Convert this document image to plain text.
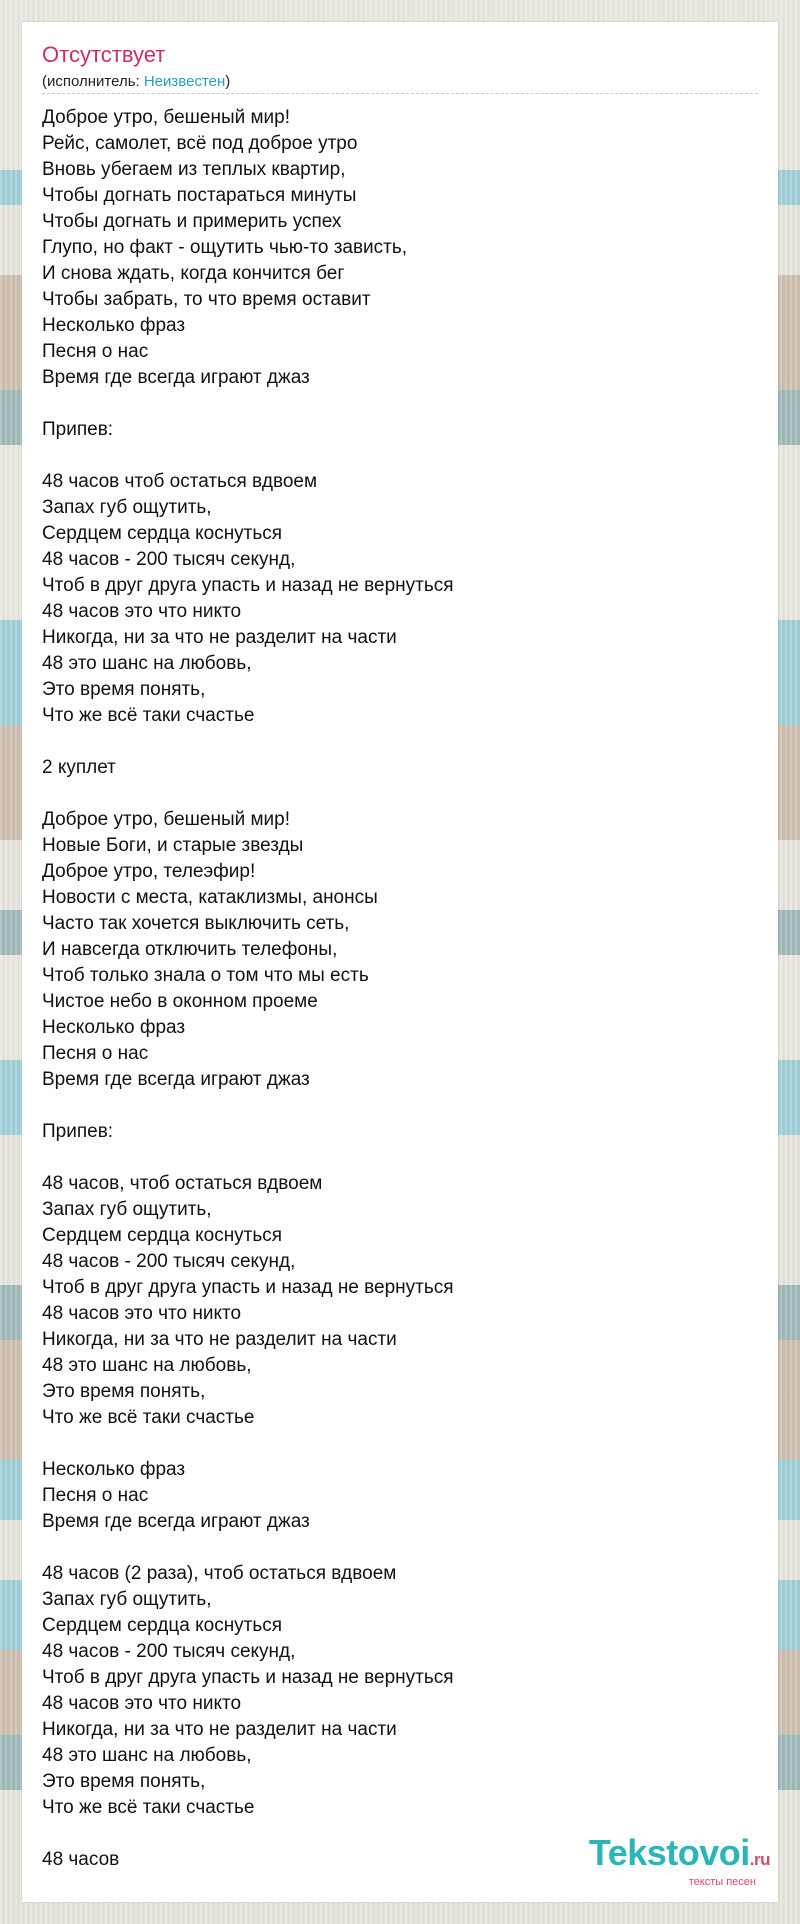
Отсутствует
(исполнитель: Неизвестен)
Доброе утро, бешеный мир!
Рейс, самолет, всё под доброе утро
Вновь убегаем из теплых квартир,
Чтобы догнать постараться минуты
Чтобы догнать и примерить успех
Глупо, но факт - ощутить чью-то зависть,
И снова ждать, когда кончится бег
Чтобы забрать, то что время оставит
Несколько фраз
Песня о нас
Время где всегда играют джаз
Припев:
48 часов чтоб остаться вдвоем
Запах губ ощутить,
Сердцем сердца коснуться
48 часов - 200 тысяч секунд,
Чтоб в друг друга упасть и назад не вернуться
48 часов это что никто
Никогда, ни за что не разделит на части
48 это шанс на любовь,
Это время понять,
Что же всё таки счастье
2 куплет
Доброе утро, бешеный мир!
Новые Боги, и старые звезды
Доброе утро, телеэфир!
Новости с места, катаклизмы, анонсы
Часто так хочется выключить сеть,
И навсегда отключить телефоны,
Чтоб только знала о том что мы есть
Чистое небо в оконном проеме
Несколько фраз
Песня о нас
Время где всегда играют джаз
Припев:
48 часов, чтоб остаться вдвоем
Запах губ ощутить,
Сердцем сердца коснуться
48 часов - 200 тысяч секунд,
Чтоб в друг друга упасть и назад не вернуться
48 часов это что никто
Никогда, ни за что не разделит на части
48 это шанс на любовь,
Это время понять,
Что же всё таки счастье
Несколько фраз
Песня о нас
Время где всегда играют джаз
48 часов (2 раза), чтоб остаться вдвоем
Запах губ ощутить,
Сердцем сердца коснуться
48 часов - 200 тысяч секунд,
Чтоб в друг друга упасть и назад не вернуться
48 часов это что никто
Никогда, ни за что не разделит на части
48 это шанс на любовь,
Это время понять,
Что же всё таки счастье
48 часов	Tekstovoi.ru
тексты песен
